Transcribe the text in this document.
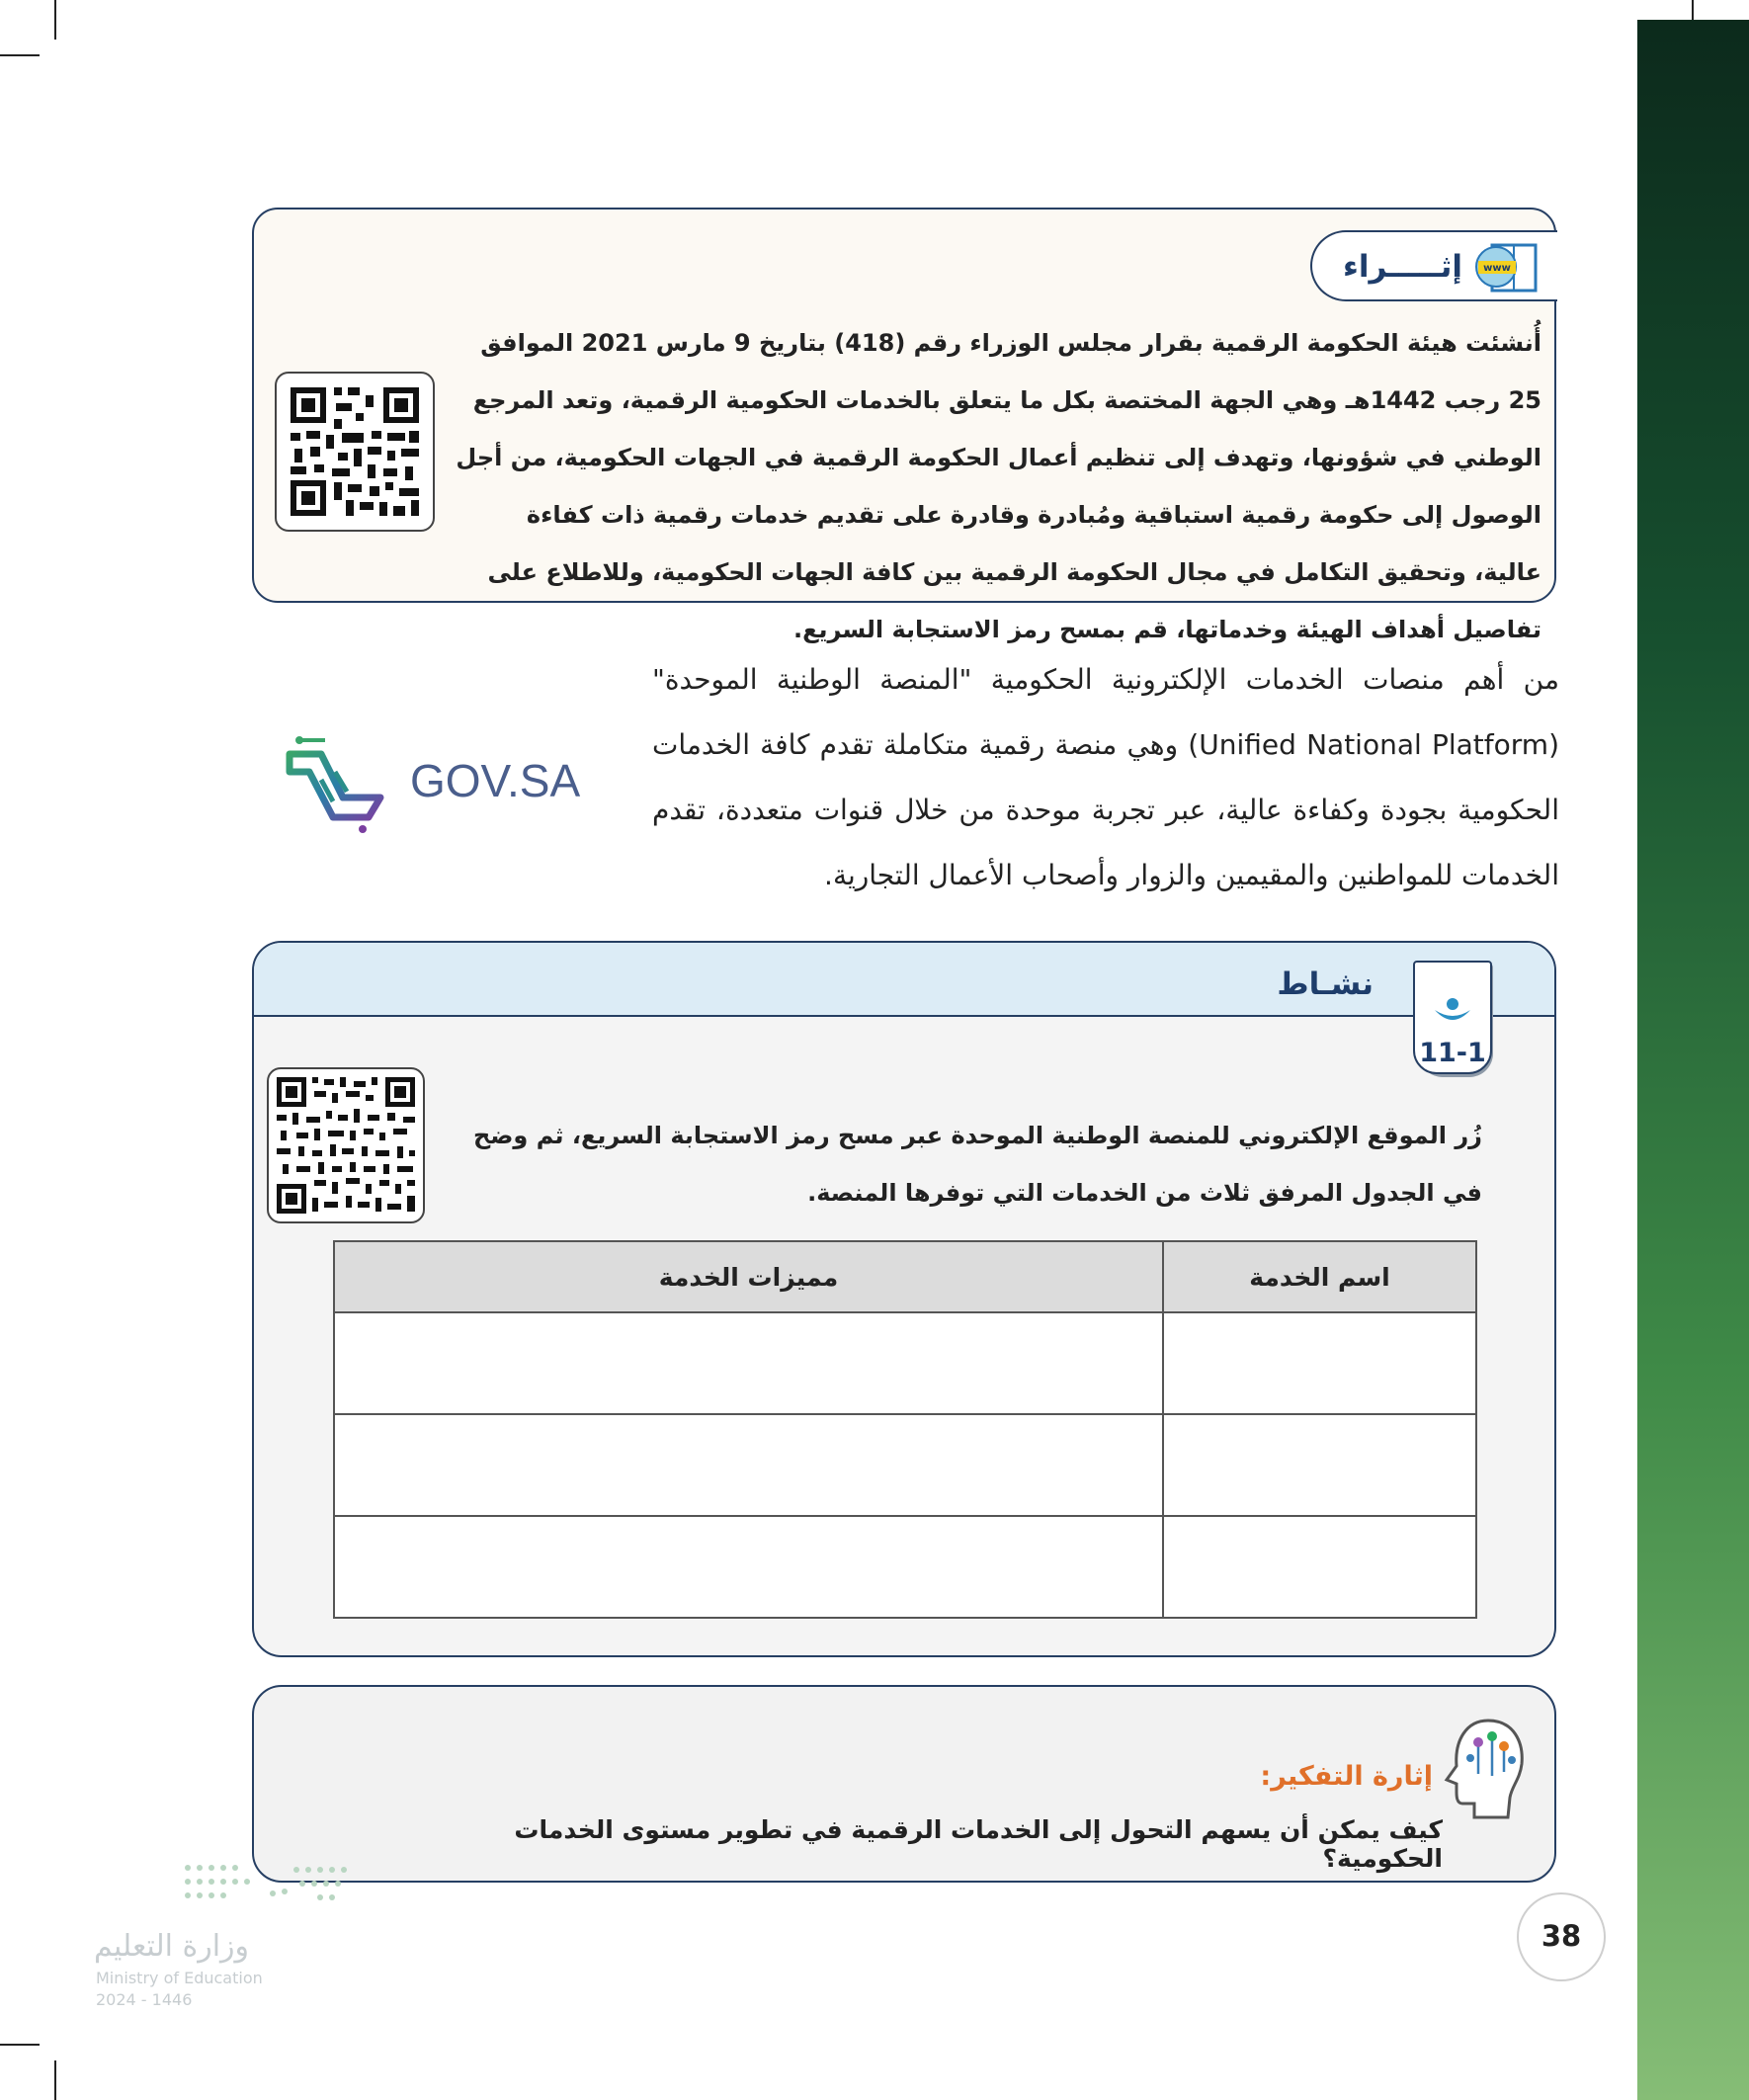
إثـــــراء www
أُنشئت هيئة الحكومة الرقمية بقرار مجلس الوزراء رقم (418) بتاريخ 9 مارس 2021 الموافق 25 رجب 1442هـ وهي الجهة المختصة بكل ما يتعلق بالخدمات الحكومية الرقمية، وتعد المرجع الوطني في شؤونها، وتهدف إلى تنظيم أعمال الحكومة الرقمية في الجهات الحكومية، من أجل الوصول إلى حكومة رقمية استباقية ومُبادرة وقادرة على تقديم خدمات رقمية ذات كفاءة عالية، وتحقيق التكامل في مجال الحكومة الرقمية بين كافة الجهات الحكومية، وللاطلاع على تفاصيل أهداف الهيئة وخدماتها، قم بمسح رمز الاستجابة السريع.
من أهم منصات الخدمات الإلكترونية الحكومية "المنصة الوطنية الموحدة" (Unified National Platform) وهي منصة رقمية متكاملة تقدم كافة الخدمات الحكومية بجودة وكفاءة عالية، عبر تجربة موحدة من خلال قنوات متعددة، تقدم الخدمات للمواطنين والمقيمين والزوار وأصحاب الأعمال التجارية.
GOV.SA
نشـاط
11-1
زُر الموقع الإلكتروني للمنصة الوطنية الموحدة عبر مسح رمز الاستجابة السريع، ثم وضح في الجدول المرفق ثلاث من الخدمات التي توفرها المنصة.
اسم الخدمة	مميزات الخدمة

إثارة التفكير:
كيف يمكن أن يسهم التحول إلى الخدمات الرقمية في تطوير مستوى الخدمات الحكومية؟
38
وزارة التعليم
Ministry of Education
2024 - 1446
